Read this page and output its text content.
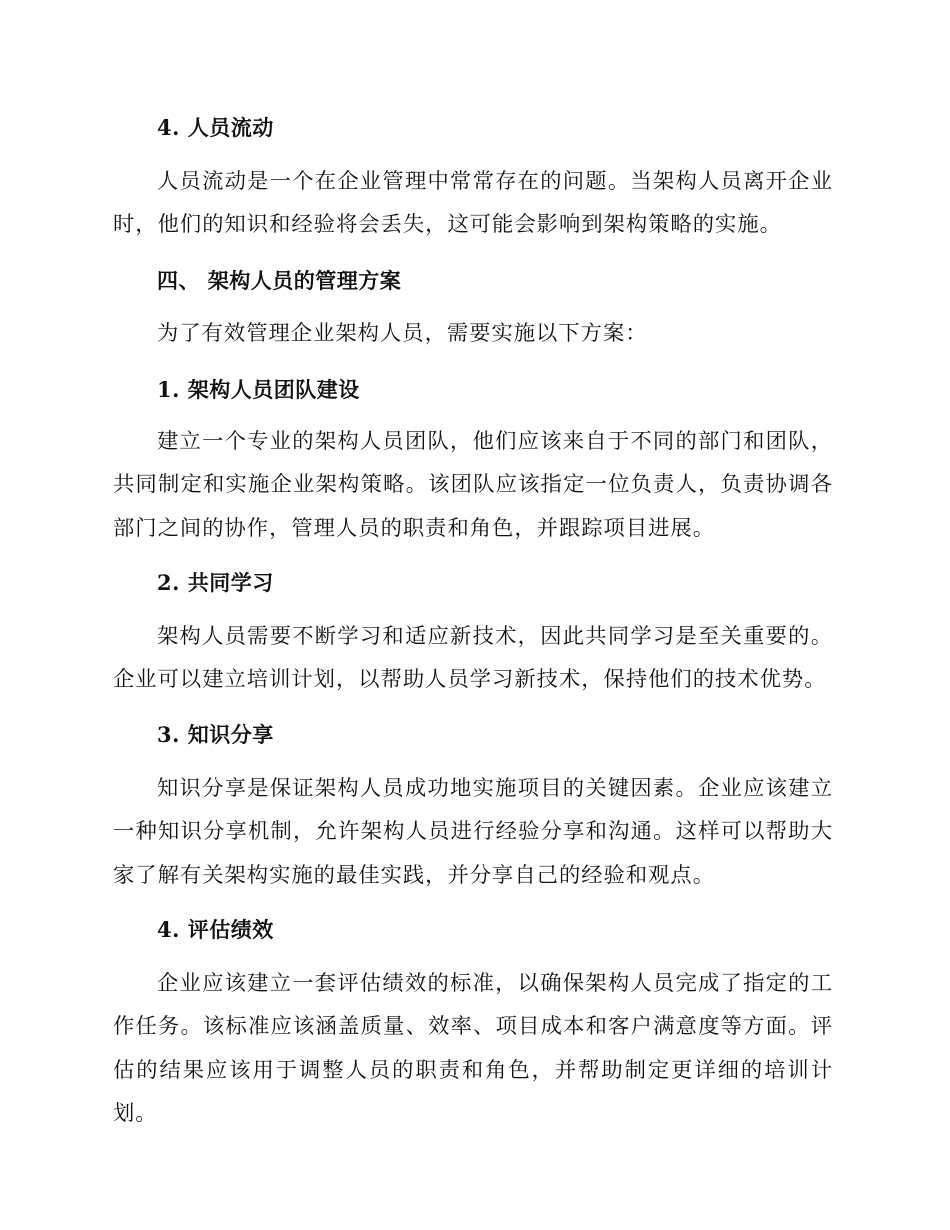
4. 人员流动
人员流动是一个在企业管理中常常存在的问题。当架构人员离开企业时，他们的知识和经验将会丢失，这可能会影响到架构策略的实施。
四、 架构人员的管理方案
为了有效管理企业架构人员，需要实施以下方案：
1. 架构人员团队建设
建立一个专业的架构人员团队，他们应该来自于不同的部门和团队，共同制定和实施企业架构策略。该团队应该指定一位负责人，负责协调各部门之间的协作，管理人员的职责和角色，并跟踪项目进展。
2. 共同学习
架构人员需要不断学习和适应新技术，因此共同学习是至关重要的。企业可以建立培训计划，以帮助人员学习新技术，保持他们的技术优势。
3. 知识分享
知识分享是保证架构人员成功地实施项目的关键因素。企业应该建立一种知识分享机制，允许架构人员进行经验分享和沟通。这样可以帮助大家了解有关架构实施的最佳实践，并分享自己的经验和观点。
4. 评估绩效
企业应该建立一套评估绩效的标准，以确保架构人员完成了指定的工作任务。该标准应该涵盖质量、效率、项目成本和客户满意度等方面。评估的结果应该用于调整人员的职责和角色，并帮助制定更详细的培训计划。
